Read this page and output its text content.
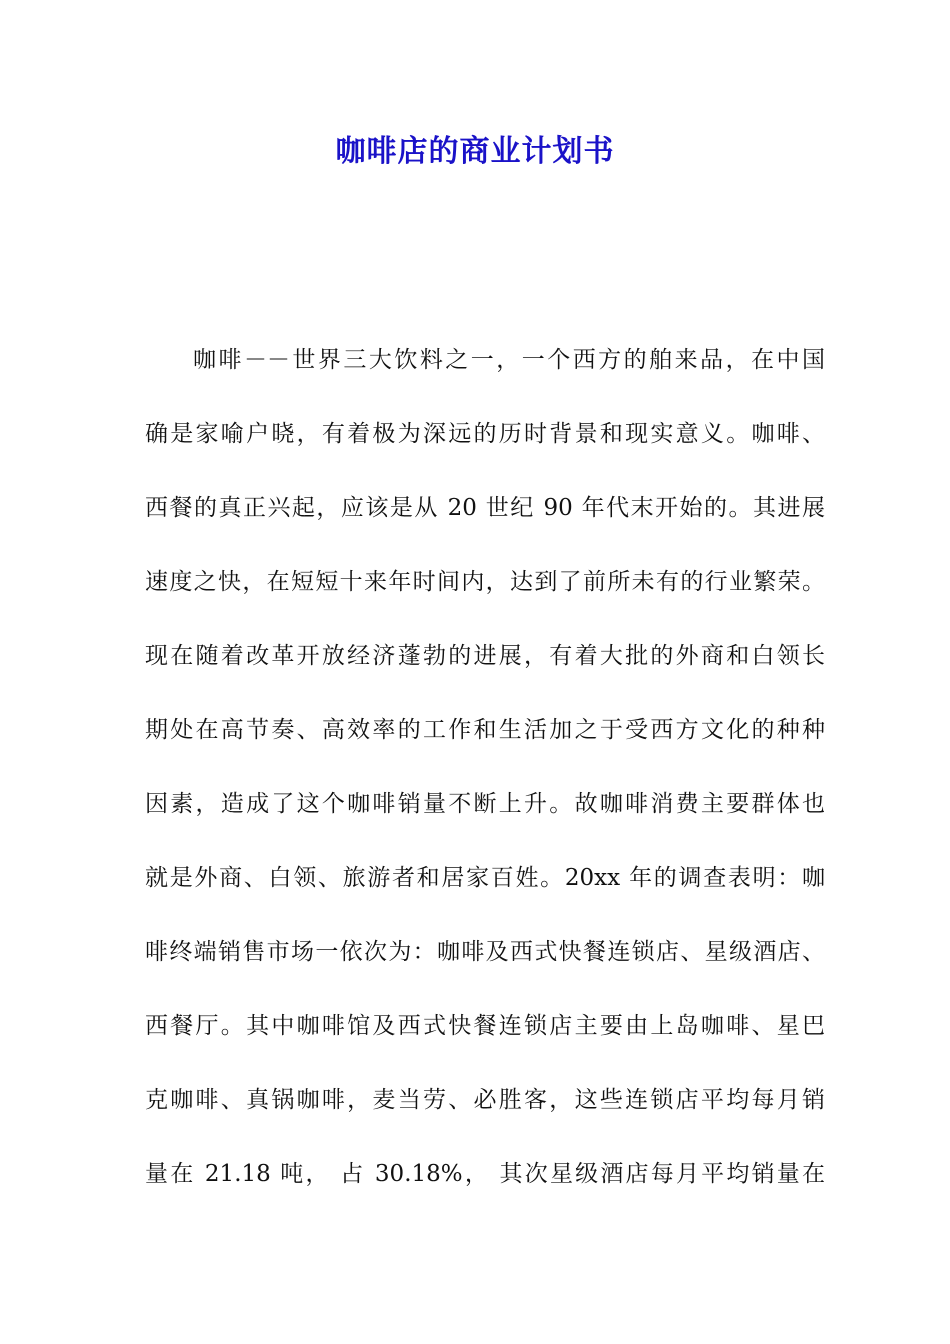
咖啡店的商业计划书

咖啡－－世界三大饮料之一，一个西方的舶来品，在中国

确是家喻户晓，有着极为深远的历时背景和现实意义。咖啡、

西餐的真正兴起，应该是从 20 世纪 90 年代末开始的。其进展

速度之快，在短短十来年时间内，达到了前所未有的行业繁荣。

现在随着改革开放经济蓬勃的进展，有着大批的外商和白领长

期处在高节奏、高效率的工作和生活加之于受西方文化的种种

因素，造成了这个咖啡销量不断上升。故咖啡消费主要群体也

就是外商、白领、旅游者和居家百姓。20xx 年的调查表明：咖

啡终端销售市场一依次为：咖啡及西式快餐连锁店、星级酒店、

西餐厅。其中咖啡馆及西式快餐连锁店主要由上岛咖啡、星巴

克咖啡、真锅咖啡，麦当劳、必胜客，这些连锁店平均每月销

量在 21.18 吨， 占 30.18%， 其次星级酒店每月平均销量在
